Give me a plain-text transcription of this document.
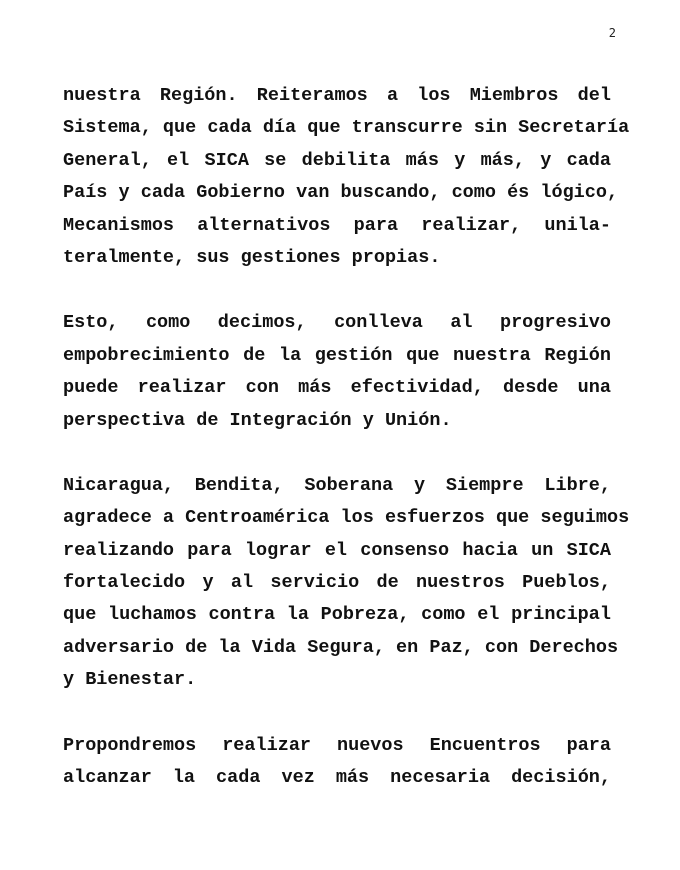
2
nuestra Región. Reiteramos a los Miembros del
Sistema, que cada día que transcurre sin Secretaría
General, el SICA se debilita más y más, y cada
País y cada Gobierno van buscando, como és lógico,
Mecanismos alternativos para realizar, unila-
teralmente, sus gestiones propias.
Esto, como decimos, conlleva al progresivo
empobrecimiento de la gestión que nuestra Región
puede realizar con más efectividad, desde una
perspectiva de Integración y Unión.
Nicaragua, Bendita, Soberana y Siempre Libre,
agradece a Centroamérica los esfuerzos que seguimos
realizando para lograr el consenso hacia un SICA
fortalecido y al servicio de nuestros Pueblos,
que luchamos contra la Pobreza, como el principal
adversario de la Vida Segura, en Paz, con Derechos
y Bienestar.
Propondremos realizar nuevos Encuentros para
alcanzar la cada vez más necesaria decisión,
